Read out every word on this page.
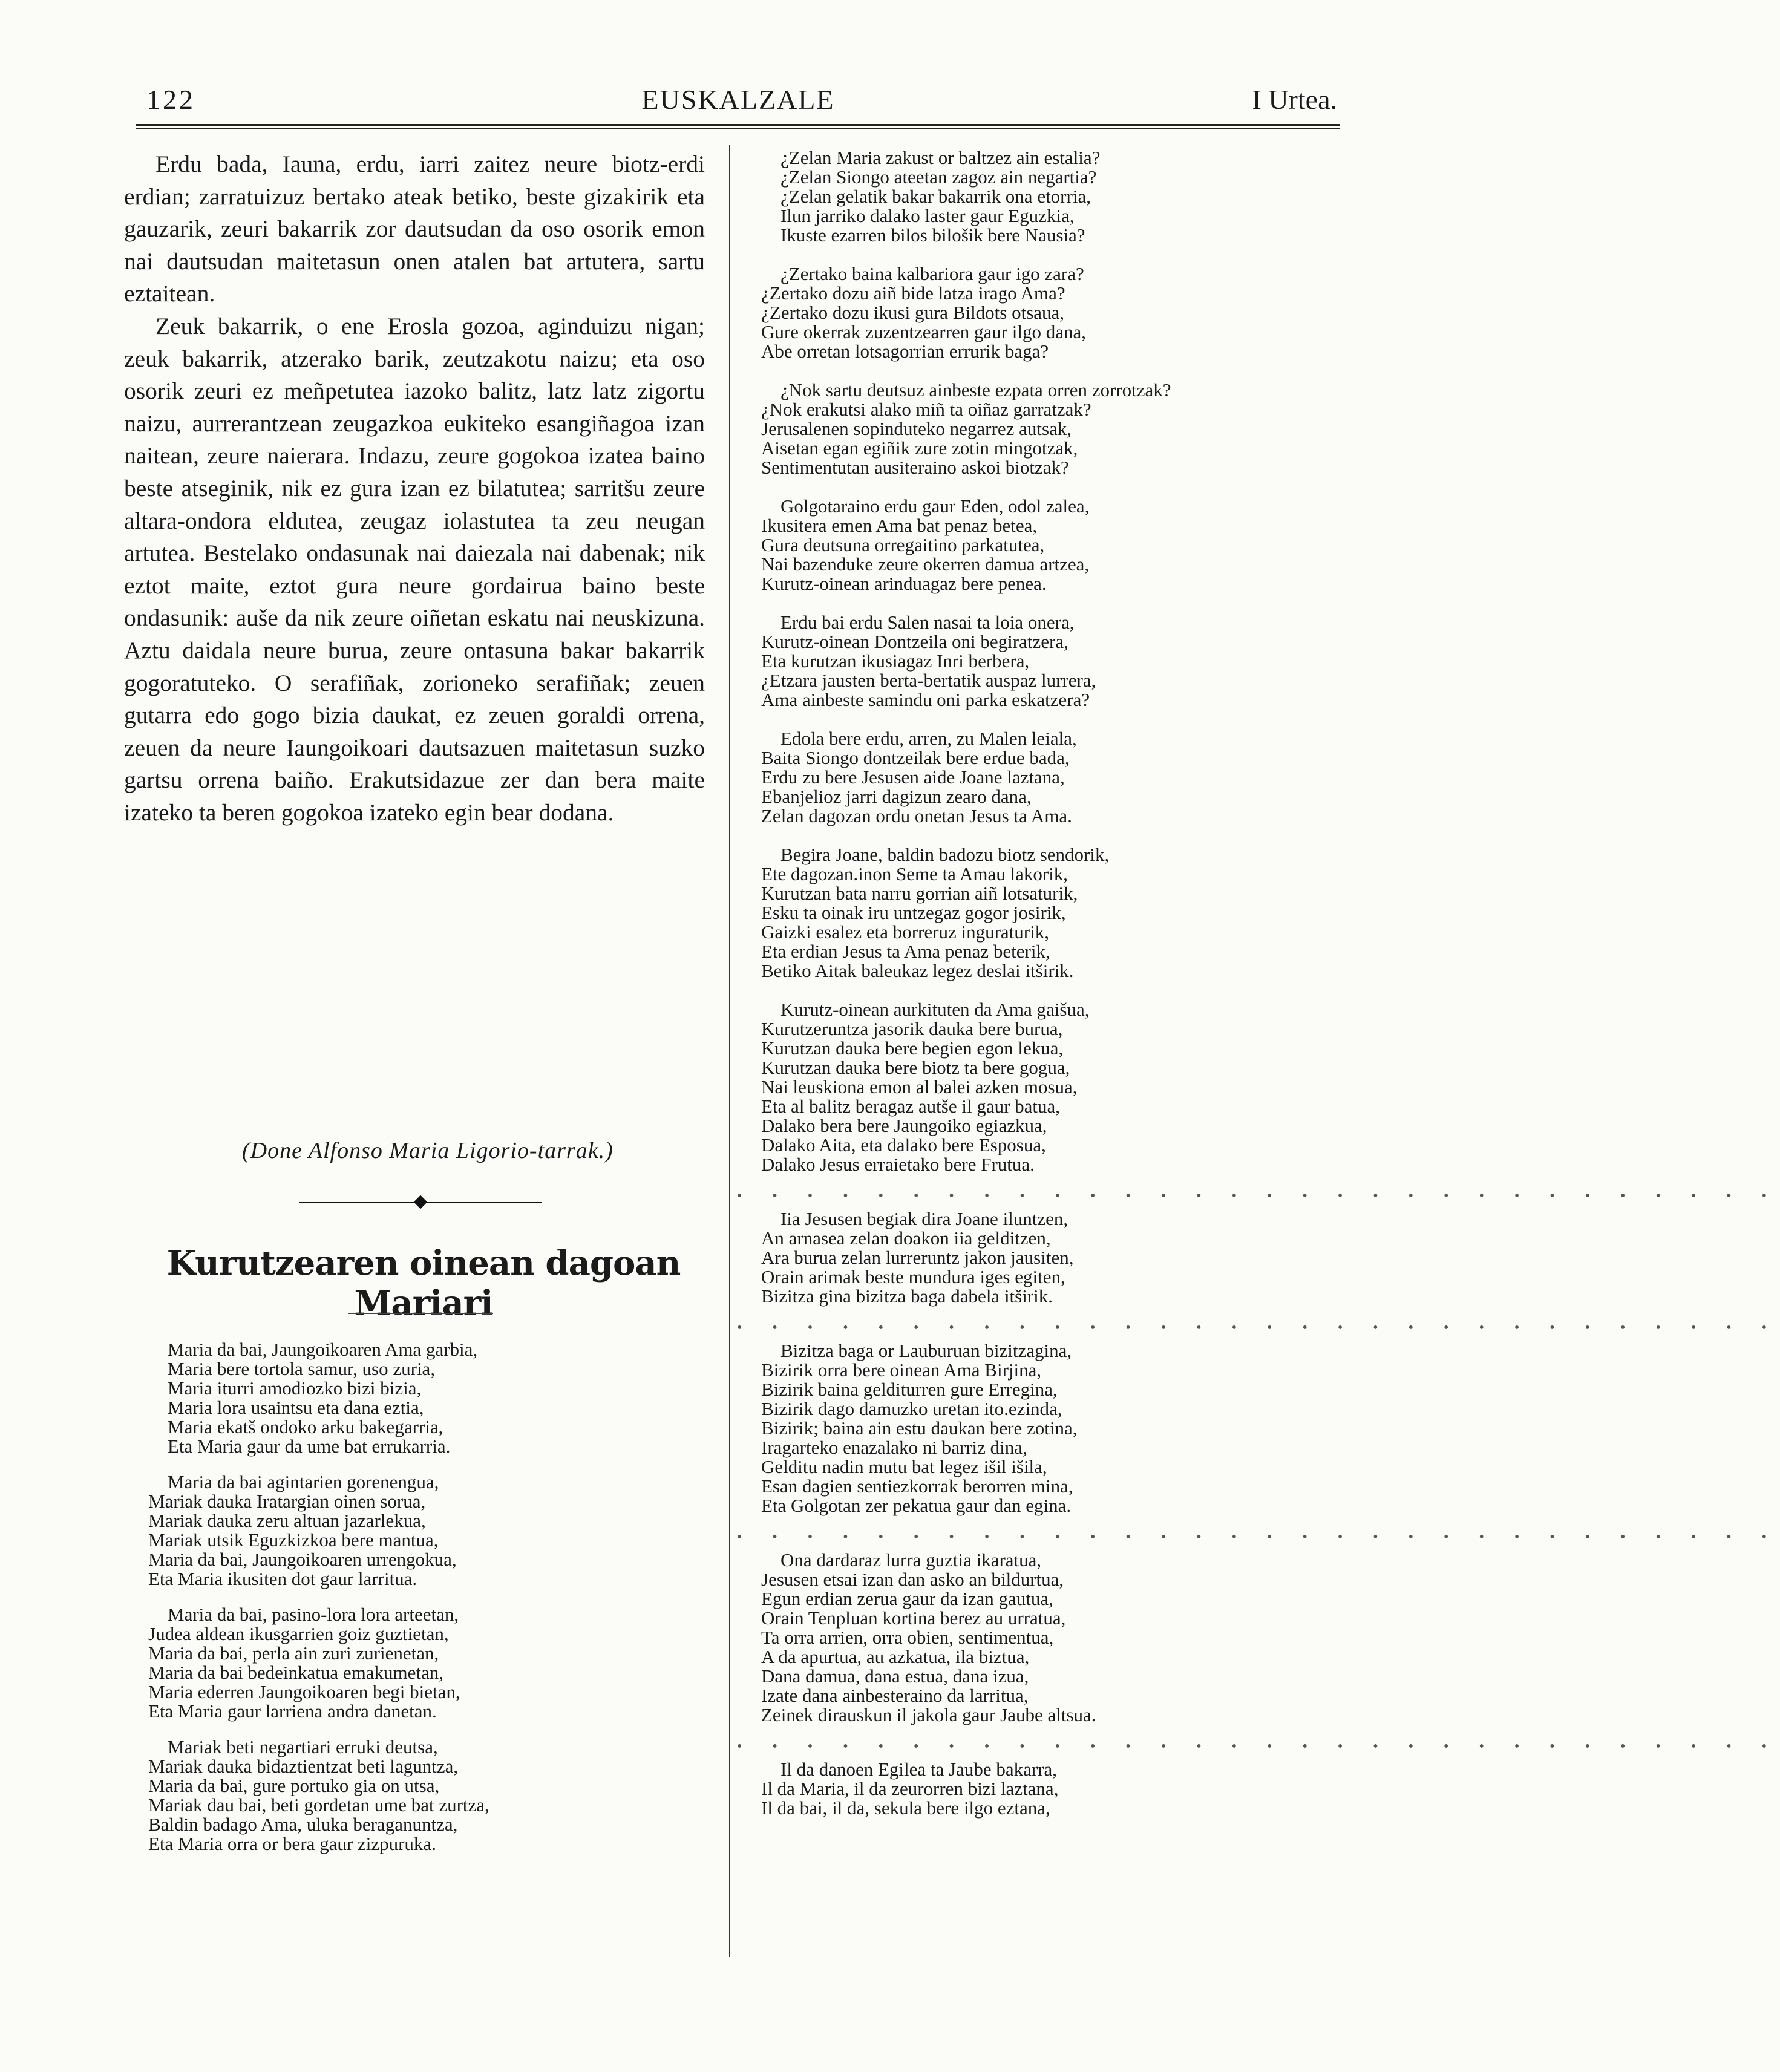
122	EUSKALZALE	I Urtea.

Erdu bada, Iauna, erdu, iarri zaitez neure biotz-erdi erdian; zarratuizuz bertako ateak betiko, beste gizakirik eta gauzarik, zeuri bakarrik zor dautsudan da oso osorik emon nai dautsudan maitetasun onen atalen bat artutera, sartu eztaitean.

Zeuk bakarrik, o ene Erosla gozoa, aginduizu nigan; zeuk bakarrik, atzerako barik, zeutzakotu naizu; eta oso osorik zeuri ez meñpetutea iazoko balitz, latz latz zigortu naizu, aurrerantzean zeugazkoa eukiteko esangiñagoa izan naitean, zeure naierara. Indazu, zeure gogokoa izatea baino beste atseginik, nik ez gura izan ez bilatutea; sarritšu zeure altara-ondora eldutea, zeugaz iolastutea ta zeu neugan artutea. Bestelako ondasunak nai daiezala nai dabenak; nik eztot maite, eztot gura neure gordairua baino beste ondasunik: auše da nik zeure oiñetan eskatu nai neuskizuna. Aztu daidala neure burua, zeure ontasuna bakar bakarrik gogoratuteko. O serafiñak, zorioneko serafiñak; zeuen gutarra edo gogo bizia daukat, ez zeuen goraldi orrena, zeuen da neure Iaungoikoari dautsazuen maitetasun suzko gartsu orrena baiño. Erakutsidazue zer dan bera maite izateko ta beren gogokoa izateko egin bear dodana.

(Done Alfonso Maria Ligorio-tarrak.)
Kurutzearen oinean dagoan Mariari
Maria da bai, Jaungoikoaren Ama garbia,
Maria bere tortola samur, uso zuria,
Maria iturri amodiozko bizi bizia,
Maria lora usaintsu eta dana eztia,
Maria ekatš ondoko arku bakegarria,
Eta Maria gaur da ume bat errukarria.
Maria da bai agintarien gorenengua,
Mariak dauka Iratargian oinen sorua,
Mariak dauka zeru altuan jazarlekua,
Mariak utsik Eguzkizkoa bere mantua,
Maria da bai, Jaungoikoaren urrengokua,
Eta Maria ikusiten dot gaur larritua.
Maria da bai, pasino-lora lora arteetan,
Judea aldean ikusgarrien goiz guztietan,
Maria da bai, perla ain zuri zurienetan,
Maria da bai bedeinkatua emakumetan,
Maria ederren Jaungoikoaren begi bietan,
Eta Maria gaur larriena andra danetan.
Mariak beti negartiari erruki deutsa,
Mariak dauka bidaztientzat beti laguntza,
Maria da bai, gure portuko gia on utsa,
Mariak dau bai, beti gordetan ume bat zurtza,
Baldin badago Ama, uluka beraganuntza,
Eta Maria orra or bera gaur zizpuruka.
¿Zelan Maria zakust or baltzez ain estalia?
¿Zelan Siongo ateetan zagoz ain negartia?
¿Zelan gelatik bakar bakarrik ona etorria,
Ilun jarriko dalako laster gaur Eguzkia,
Ikuste ezarren bilos bilošik bere Nausia?
¿Zertako baina kalbariora gaur igo zara?
¿Zertako dozu aiñ bide latza irago Ama?
¿Zertako dozu ikusi gura Bildots otsaua,
Gure okerrak zuzentzearren gaur ilgo dana,
Abe orretan lotsagorrian errurik baga?
¿Nok sartu deutsuz ainbeste ezpata orren zorrotzak?
¿Nok erakutsi alako miñ ta oiñaz garratzak?
Jerusalenen sopinduteko negarrez autsak,
Aisetan egan egiñik zure zotin mingotzak,
Sentimentutan ausiteraino askoi biotzak?
Golgotaraino erdu gaur Eden, odol zalea,
Ikusitera emen Ama bat penaz betea,
Gura deutsuna orregaitino parkatutea,
Nai bazenduke zeure okerren damua artzea,
Kurutz-oinean arinduagaz bere penea.
Erdu bai erdu Salen nasai ta loia onera,
Kurutz-oinean Dontzeila oni begiratzera,
Eta kurutzan ikusiagaz Inri berbera,
¿Etzara jausten berta-bertatik auspaz lurrera,
Ama ainbeste samindu oni parka eskatzera?
Edola bere erdu, arren, zu Malen leiala,
Baita Siongo dontzeilak bere erdue bada,
Erdu zu bere Jesusen aide Joane laztana,
Ebanjelioz jarri dagizun zearo dana,
Zelan dagozan ordu onetan Jesus ta Ama.
Begira Joane, baldin badozu biotz sendorik,
Ete dagozan.inon Seme ta Amau lakorik,
Kurutzan bata narru gorrian aiñ lotsaturik,
Esku ta oinak iru untzegaz gogor josirik,
Gaizki esalez eta borreruz inguraturik,
Eta erdian Jesus ta Ama penaz beterik,
Betiko Aitak baleukaz legez deslai itširik.
Kurutz-oinean aurkituten da Ama gaišua,
Kurutzeruntza jasorik dauka bere burua,
Kurutzan dauka bere begien egon lekua,
Kurutzan dauka bere biotz ta bere gogua,
Nai leuskiona emon al balei azken mosua,
Eta al balitz beragaz autše il gaur batua,
Dalako bera bere Jaungoiko egiazkua,
Dalako Aita, eta dalako bere Esposua,
Dalako Jesus erraietako bere Frutua.
• • • • • • • • • • • • • • • • • • • • • • • • • • • • • •
Iia Jesusen begiak dira Joane iluntzen,
An arnasea zelan doakon iia gelditzen,
Ara burua zelan lurreruntz jakon jausiten,
Orain arimak beste mundura iges egiten,
Bizitza gina bizitza baga dabela itširik.
• • • • • • • • • • • • • • • • • • • • • • • • • • • • • •
Bizitza baga or Lauburuan bizitzagina,
Bizirik orra bere oinean Ama Birjina,
Bizirik baina gelditurren gure Erregina,
Bizirik dago damuzko uretan ito.ezinda,
Bizirik; baina ain estu daukan bere zotina,
Iragarteko enazalako ni barriz dina,
Gelditu nadin mutu bat legez išil išila,
Esan dagien sentiezkorrak berorren mina,
Eta Golgotan zer pekatua gaur dan egina.
• • • • • • • • • • • • • • • • • • • • • • • • • • • • • •
Ona dardaraz lurra guztia ikaratua,
Jesusen etsai izan dan asko an bildurtua,
Egun erdian zerua gaur da izan gautua,
Orain Tenpluan kortina berez au urratua,
Ta orra arrien, orra obien, sentimentua,
A da apurtua, au azkatua, ila biztua,
Dana damua, dana estua, dana izua,
Izate dana ainbesteraino da larritua,
Zeinek dirauskun il jakola gaur Jaube altsua.
• • • • • • • • • • • • • • • • • • • • • • • • • • • • • •
Il da danoen Egilea ta Jaube bakarra,
Il da Maria, il da zeurorren bizi laztana,
Il da bai, il da, sekula bere ilgo eztana,
